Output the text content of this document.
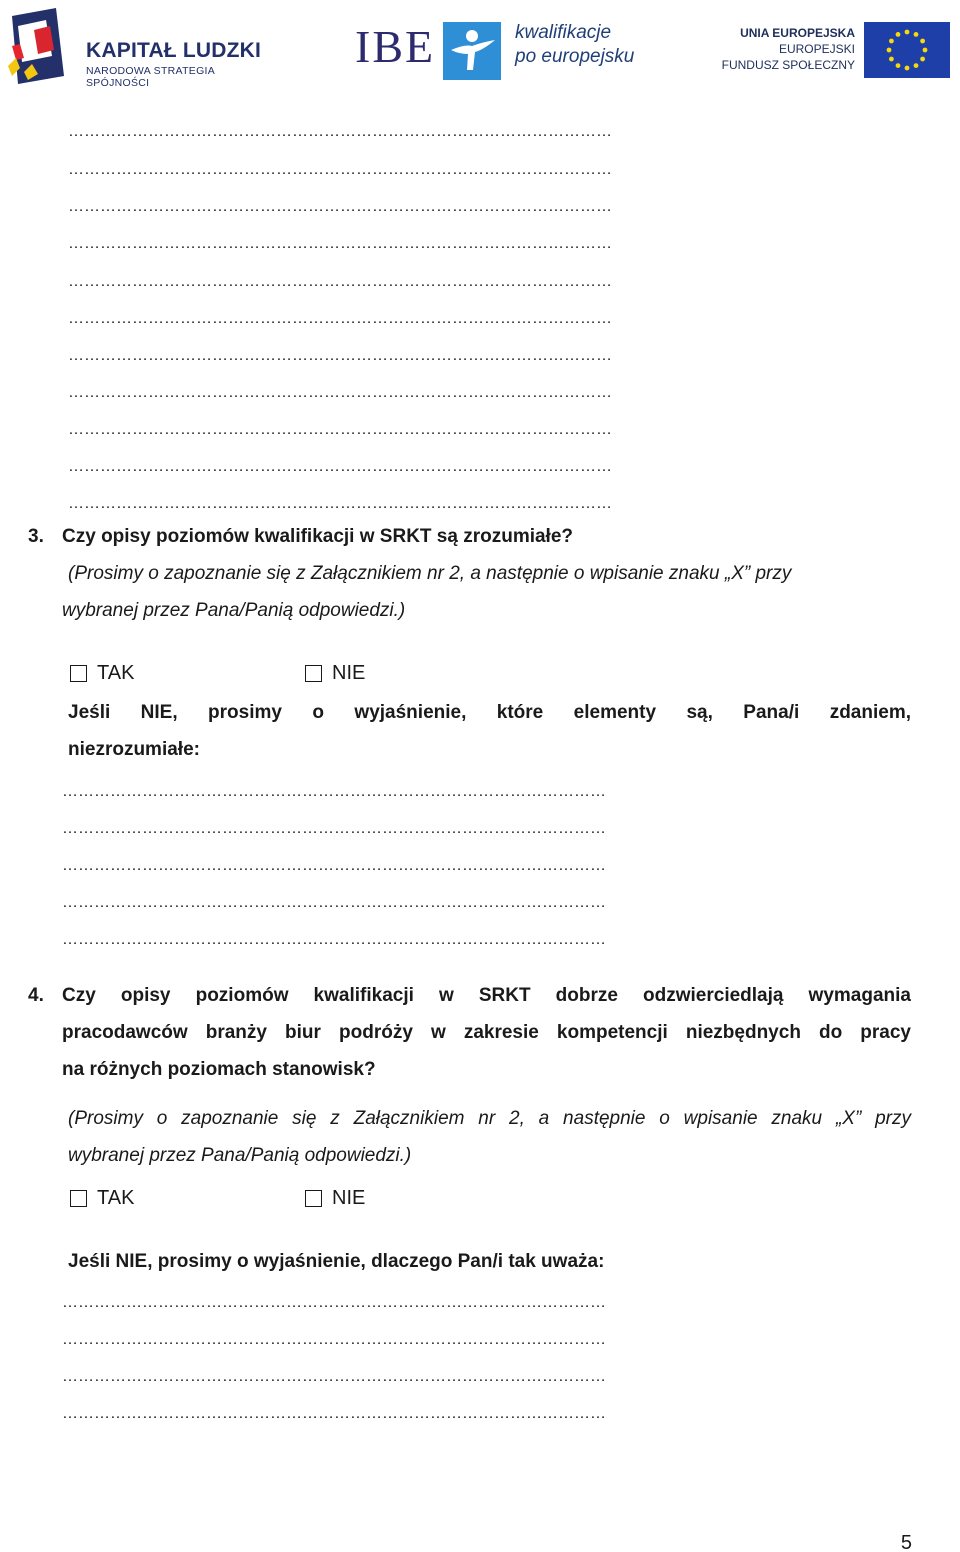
KAPITAŁ LUDZKI
NARODOWA STRATEGIA SPÓJNOŚCI
IBE	kwalifikacje
po europejsku
UNIA EUROPEJSKA
EUROPEJSKI
FUNDUSZ SPOŁECZNY
…………………………………………………………………………………………
…………………………………………………………………………………………
…………………………………………………………………………………………
…………………………………………………………………………………………
…………………………………………………………………………………………
…………………………………………………………………………………………
…………………………………………………………………………………………
…………………………………………………………………………………………
…………………………………………………………………………………………
…………………………………………………………………………………………
…………………………………………………………………………………………
3. Czy opisy poziomów kwalifikacji w SRKT są zrozumiałe?
(Prosimy o zapoznanie się z Załącznikiem nr 2, a następnie o wpisanie znaku „X” przy
wybranej przez Pana/Panią odpowiedzi.)
TAK	NIE
Jeśli NIE, prosimy o wyjaśnienie, które elementy są, Pana/i zdaniem,
niezrozumiałe:
…………………………………………………………………………………………
…………………………………………………………………………………………
…………………………………………………………………………………………
…………………………………………………………………………………………
…………………………………………………………………………………………
4. Czy opisy poziomów kwalifikacji w SRKT dobrze odzwierciedlają wymagania
pracodawców branży biur podróży w zakresie kompetencji niezbędnych do pracy
na różnych poziomach stanowisk?
(Prosimy o zapoznanie się z Załącznikiem nr 2, a następnie o wpisanie znaku „X” przy
wybranej przez Pana/Panią odpowiedzi.)
TAK	NIE
Jeśli NIE, prosimy o wyjaśnienie, dlaczego Pan/i tak uważa:
…………………………………………………………………………………………
…………………………………………………………………………………………
…………………………………………………………………………………………
…………………………………………………………………………………………
5
